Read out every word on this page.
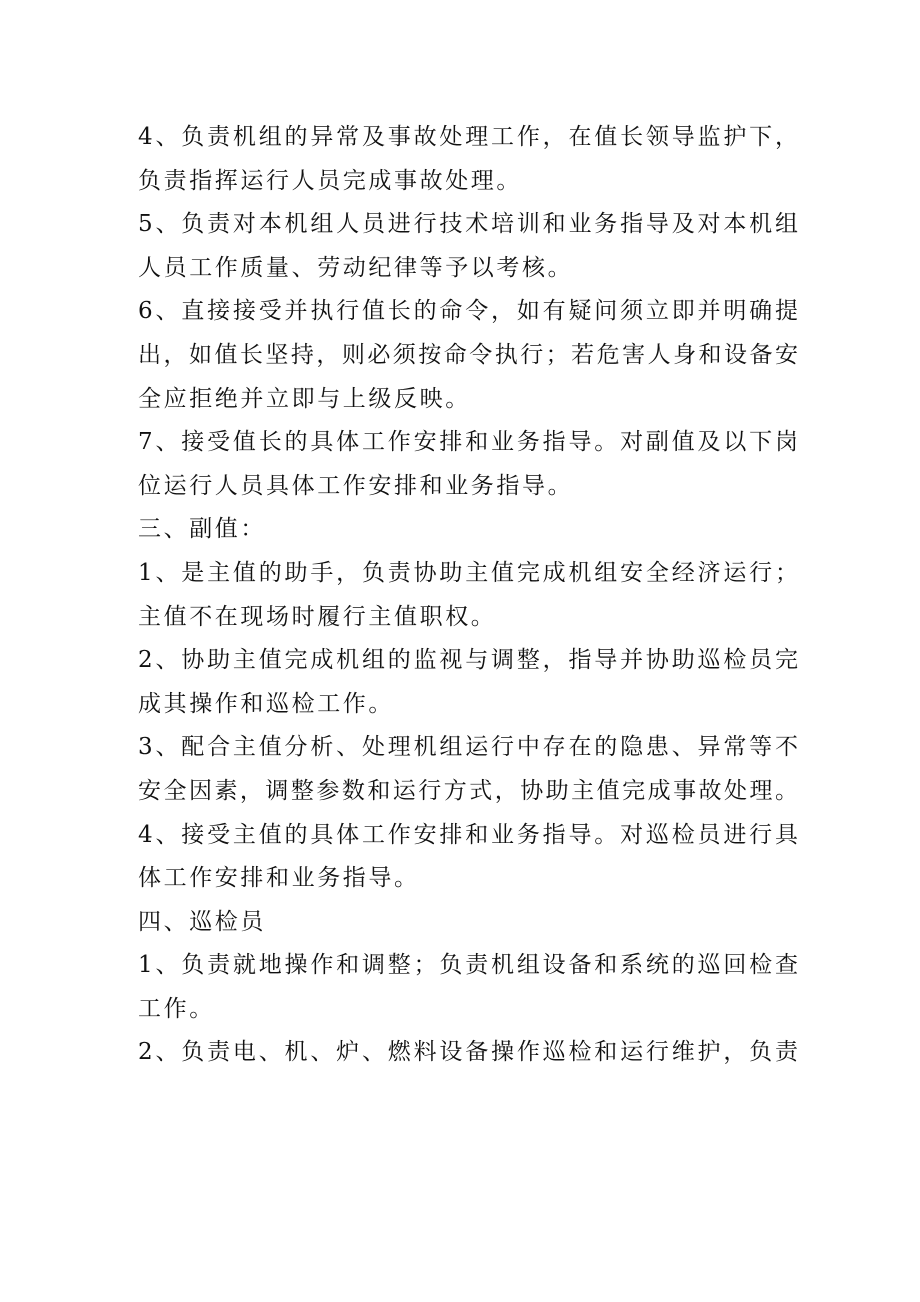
4、负责机组的异常及事故处理工作，在值长领导监护下，
负责指挥运行人员完成事故处理。
5、负责对本机组人员进行技术培训和业务指导及对本机组
人员工作质量、劳动纪律等予以考核。
6、直接接受并执行值长的命令，如有疑问须立即并明确提
出，如值长坚持，则必须按命令执行；若危害人身和设备安
全应拒绝并立即与上级反映。
7、接受值长的具体工作安排和业务指导。对副值及以下岗
位运行人员具体工作安排和业务指导。
三、副值：
1、是主值的助手，负责协助主值完成机组安全经济运行；
主值不在现场时履行主值职权。
2、协助主值完成机组的监视与调整，指导并协助巡检员完
成其操作和巡检工作。
3、配合主值分析、处理机组运行中存在的隐患、异常等不
安全因素，调整参数和运行方式，协助主值完成事故处理。
4、接受主值的具体工作安排和业务指导。对巡检员进行具
体工作安排和业务指导。
四、巡检员
1、负责就地操作和调整；负责机组设备和系统的巡回检查
工作。
2、负责电、机、炉、燃料设备操作巡检和运行维护，负责
